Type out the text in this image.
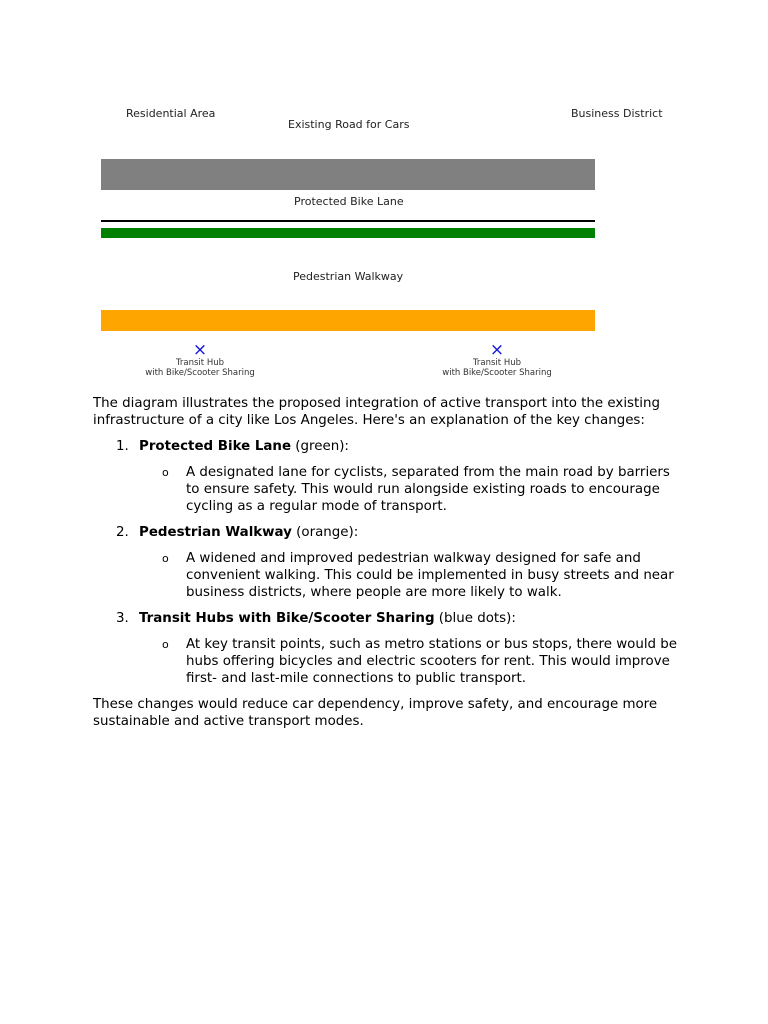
Residential Area	Business District
Existing Road for Cars
Protected Bike Lane
Pedestrian Walkway
×
Transit Hub
with Bike/Scooter Sharing
×
Transit Hub
with Bike/Scooter Sharing

The diagram illustrates the proposed integration of active transport into the existing infrastructure of a city like Los Angeles. Here's an explanation of the key changes:

1. Protected Bike Lane (green):
o A designated lane for cyclists, separated from the main road by barriers to ensure safety. This would run alongside existing roads to encourage cycling as a regular mode of transport.
2. Pedestrian Walkway (orange):
o A widened and improved pedestrian walkway designed for safe and convenient walking. This could be implemented in busy streets and near business districts, where people are more likely to walk.
3. Transit Hubs with Bike/Scooter Sharing (blue dots):
o At key transit points, such as metro stations or bus stops, there would be hubs offering bicycles and electric scooters for rent. This would improve first- and last-mile connections to public transport.

These changes would reduce car dependency, improve safety, and encourage more sustainable and active transport modes.
